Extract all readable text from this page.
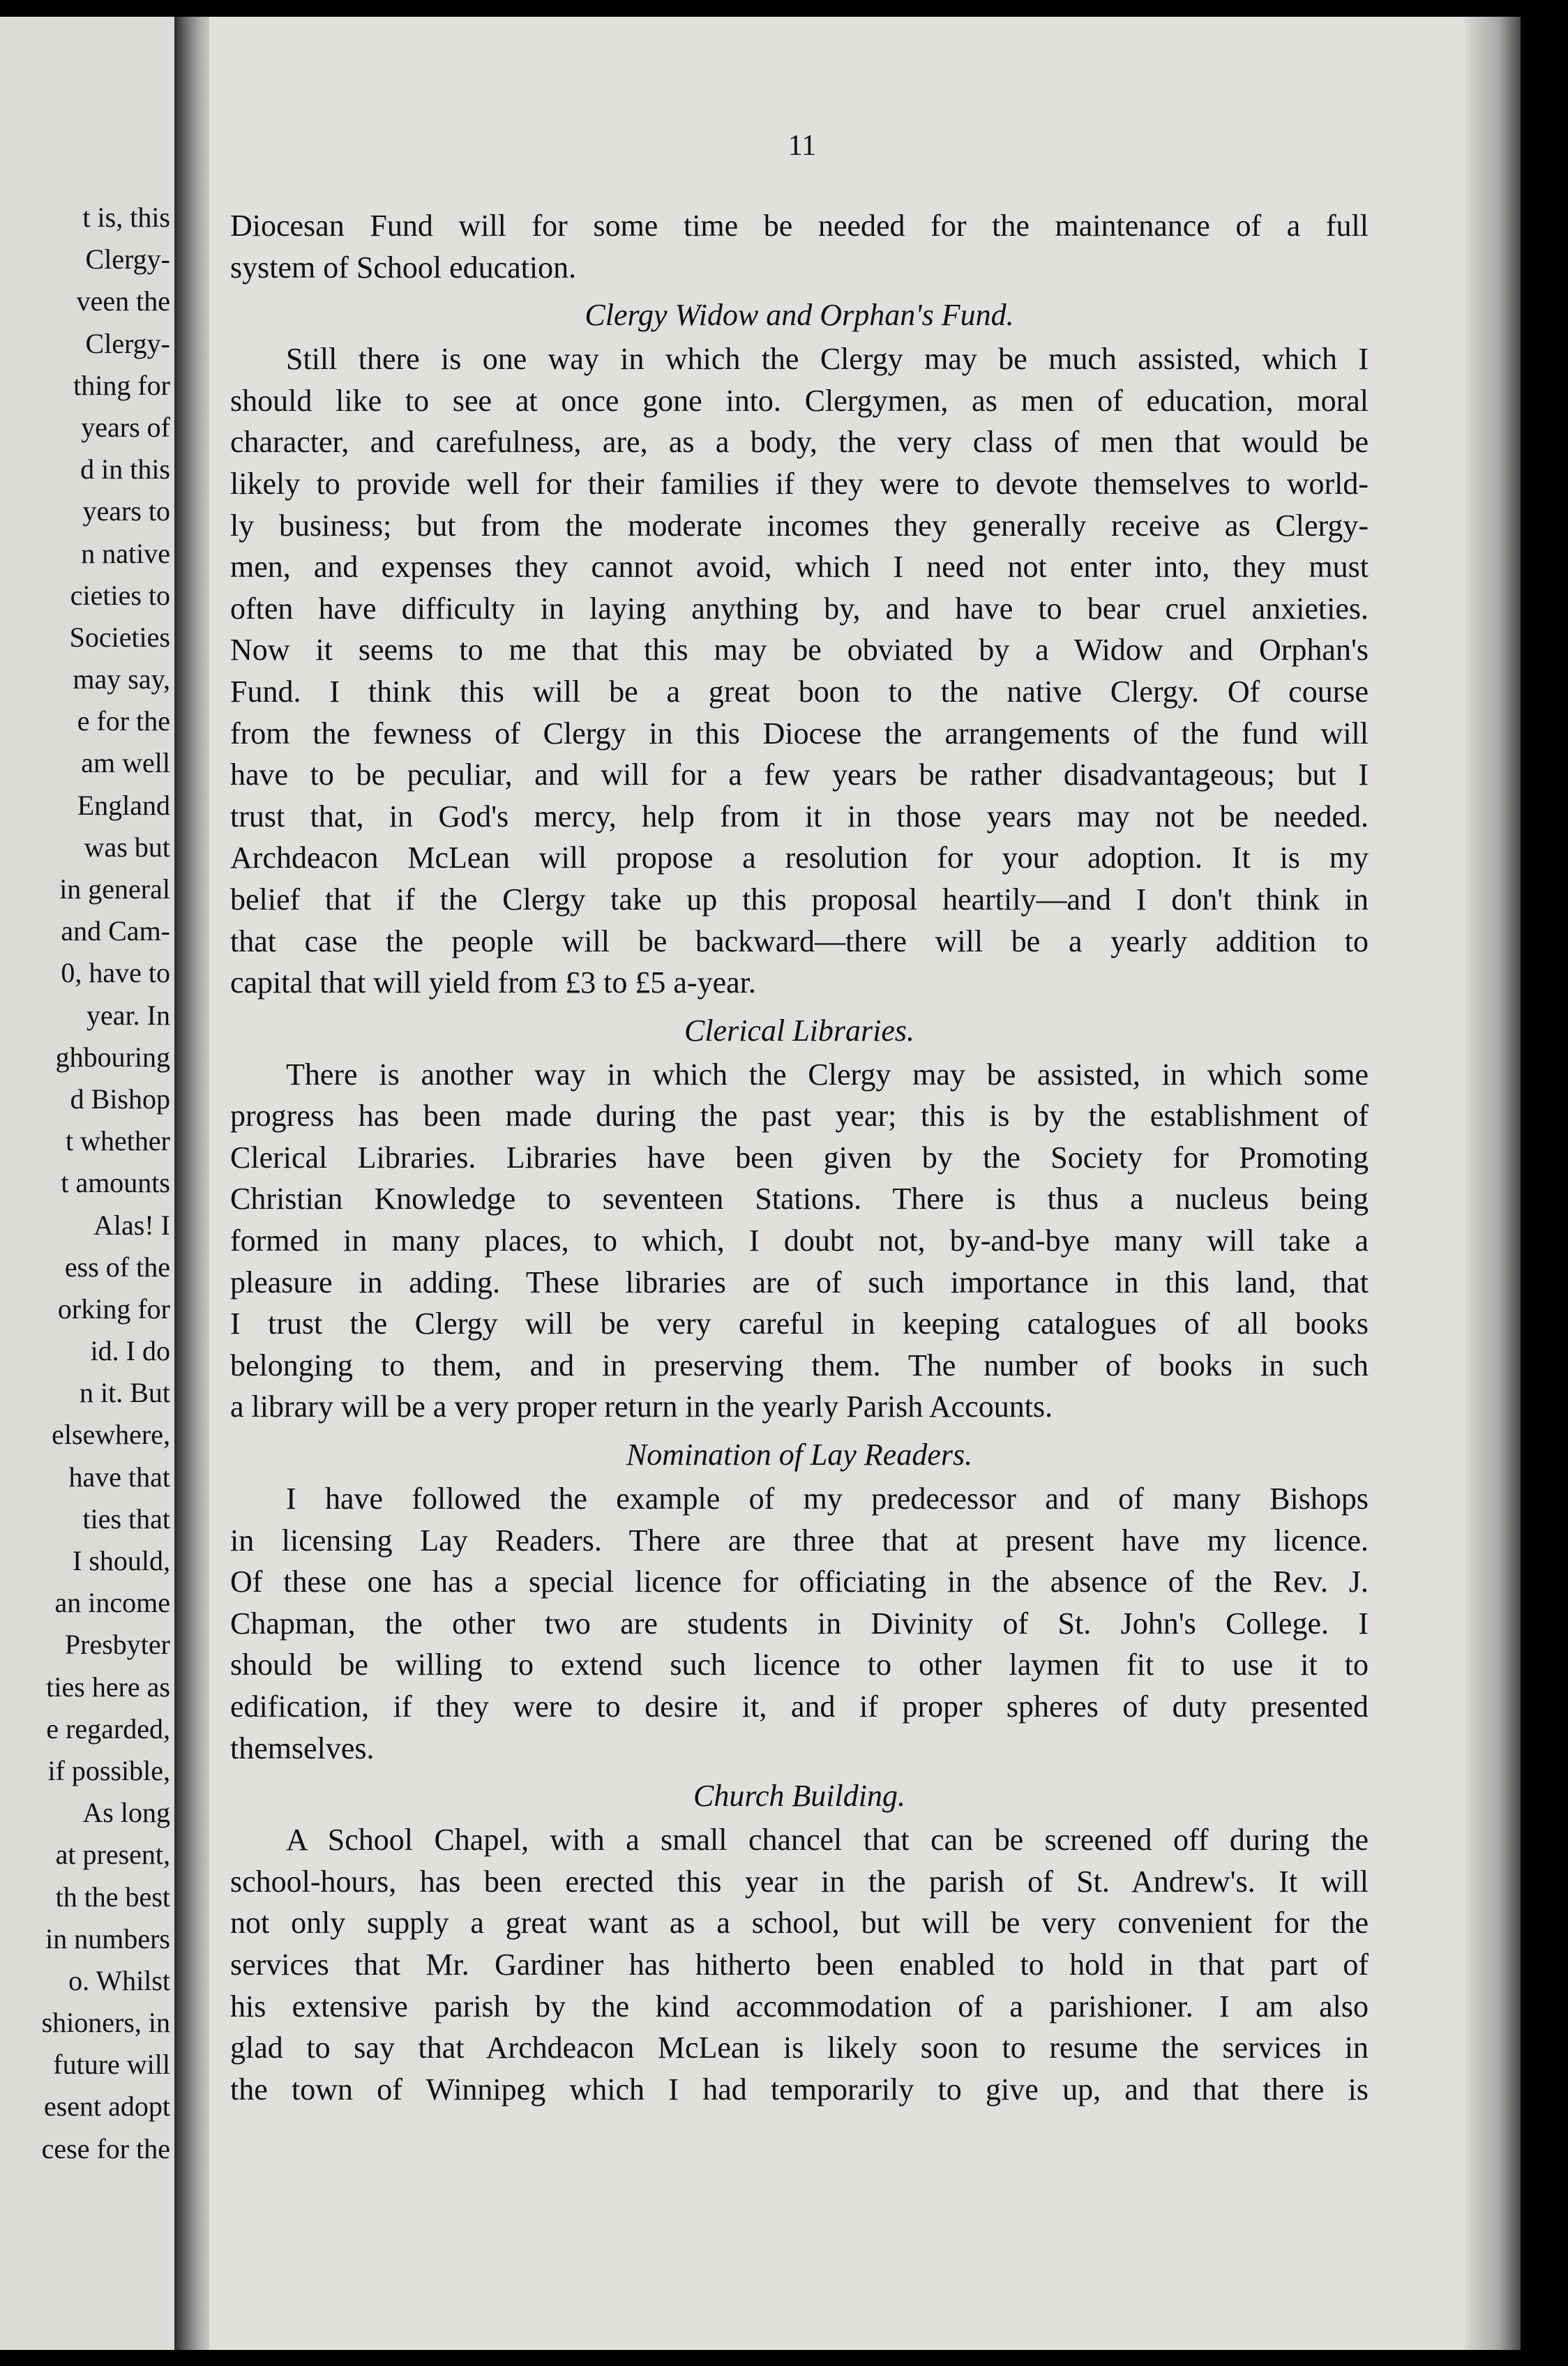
t is, this
Clergy-
veen the
Clergy-
thing for
years of
d in this
years to
n native
cieties to
Societies
may say,
e for the
am well
England
was but
in general
and Cam-
0, have to
year. In
ghbouring
d Bishop
t whether
t amounts
Alas! I
ess of the
orking for
id. I do
n it. But
elsewhere,
have that
ties that
I should,
an income
Presbyter
ties here as
e regarded,
if possible,
As long
at present,
th the best
in numbers
o. Whilst
shioners, in
future will
esent adopt
cese for the
11
Diocesan Fund will for some time be needed for the maintenance of a full
system of School education.
Clergy Widow and Orphan's Fund.
Still there is one way in which the Clergy may be much assisted, which I
should like to see at once gone into. Clergymen, as men of education, moral
character, and carefulness, are, as a body, the very class of men that would be
likely to provide well for their families if they were to devote themselves to world-
ly business; but from the moderate incomes they generally receive as Clergy-
men, and expenses they cannot avoid, which I need not enter into, they must
often have difficulty in laying anything by, and have to bear cruel anxieties.
Now it seems to me that this may be obviated by a Widow and Orphan's
Fund. I think this will be a great boon to the native Clergy. Of course
from the fewness of Clergy in this Diocese the arrangements of the fund will
have to be peculiar, and will for a few years be rather disadvantageous; but I
trust that, in God's mercy, help from it in those years may not be needed.
Archdeacon McLean will propose a resolution for your adoption. It is my
belief that if the Clergy take up this proposal heartily—and I don't think in
that case the people will be backward—there will be a yearly addition to
capital that will yield from £3 to £5 a-year.
Clerical Libraries.
There is another way in which the Clergy may be assisted, in which some
progress has been made during the past year; this is by the establishment of
Clerical Libraries. Libraries have been given by the Society for Promoting
Christian Knowledge to seventeen Stations. There is thus a nucleus being
formed in many places, to which, I doubt not, by-and-bye many will take a
pleasure in adding. These libraries are of such importance in this land, that
I trust the Clergy will be very careful in keeping catalogues of all books
belonging to them, and in preserving them. The number of books in such
a library will be a very proper return in the yearly Parish Accounts.
Nomination of Lay Readers.
I have followed the example of my predecessor and of many Bishops
in licensing Lay Readers. There are three that at present have my licence.
Of these one has a special licence for officiating in the absence of the Rev. J.
Chapman, the other two are students in Divinity of St. John's College. I
should be willing to extend such licence to other laymen fit to use it to
edification, if they were to desire it, and if proper spheres of duty presented
themselves.
Church Building.
A School Chapel, with a small chancel that can be screened off during the
school-hours, has been erected this year in the parish of St. Andrew's. It will
not only supply a great want as a school, but will be very convenient for the
services that Mr. Gardiner has hitherto been enabled to hold in that part of
his extensive parish by the kind accommodation of a parishioner. I am also
glad to say that Archdeacon McLean is likely soon to resume the services in
the town of Winnipeg which I had temporarily to give up, and that there is
